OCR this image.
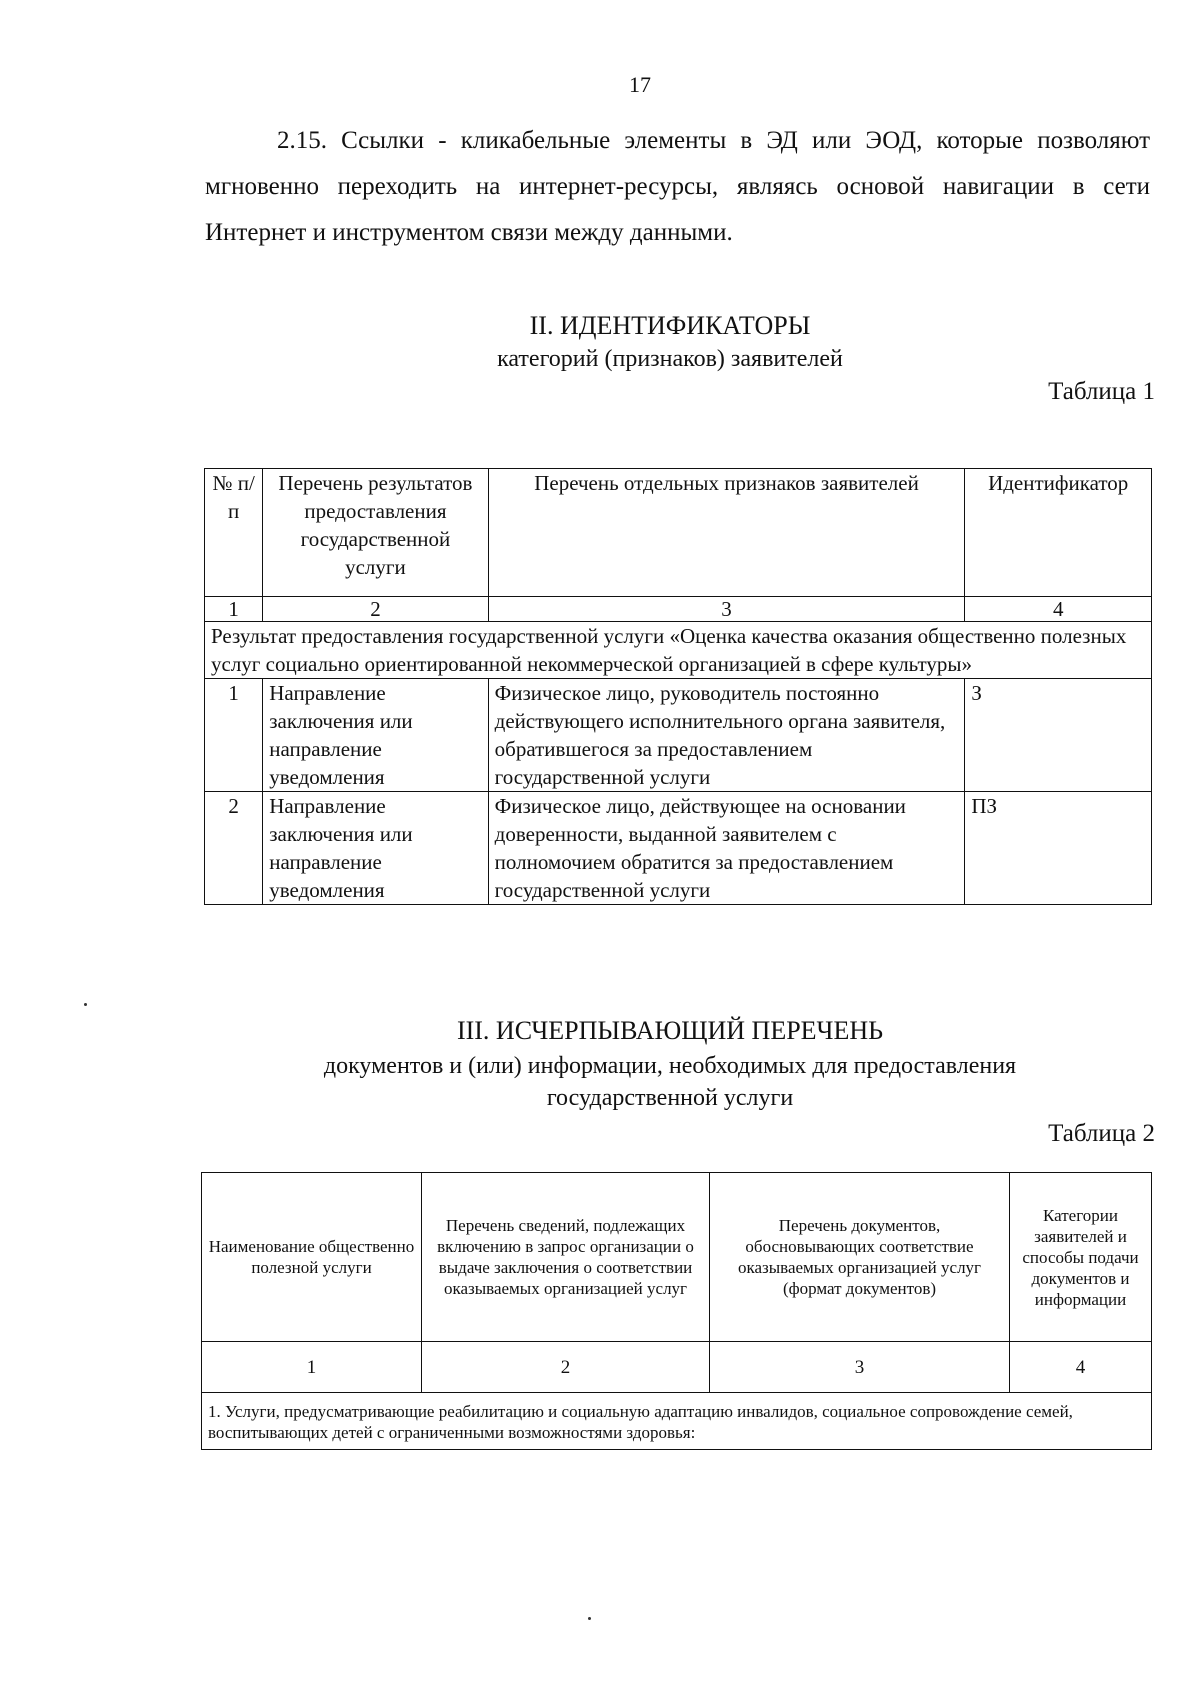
17
2.15. Ссылки - кликабельные элементы в ЭД или ЭОД, которые позволяют мгновенно переходить на интернет-ресурсы, являясь основой навигации в сети Интернет и инструментом связи между данными.
II. ИДЕНТИФИКАТОРЫ
категорий (признаков) заявителей
Таблица 1
№ п/п	Перечень результатов предоставления государственной услуги	Перечень отдельных признаков заявителей	Идентификатор
1	2	3	4
Результат предоставления государственной услуги «Оценка качества оказания общественно полезных услуг социально ориентированной некоммерческой организацией в сфере культуры»			
1	Направление заключения или направление уведомления	Физическое лицо, руководитель постоянно действующего исполнительного органа заявителя, обратившегося за предоставлением государственной услуги	З
2	Направление заключения или направление уведомления	Физическое лицо, действующее на основании доверенности, выданной заявителем с полномочием обратится за предоставлением государственной услуги	ПЗ
III. ИСЧЕРПЫВАЮЩИЙ ПЕРЕЧЕНЬ
документов и (или) информации, необходимых для предоставления государственной услуги
Таблица 2
Наименование общественно полезной услуги	Перечень сведений, подлежащих включению в запрос организации о выдаче заключения о соответствии оказываемых организацией услуг	Перечень документов, обосновывающих соответствие оказываемых организацией услуг (формат документов)	Категории заявителей и способы подачи документов и информации
1	2	3	4
1. Услуги, предусматривающие реабилитацию и социальную адаптацию инвалидов, социальное сопровождение семей, воспитывающих детей с ограниченными возможностями здоровья:			
